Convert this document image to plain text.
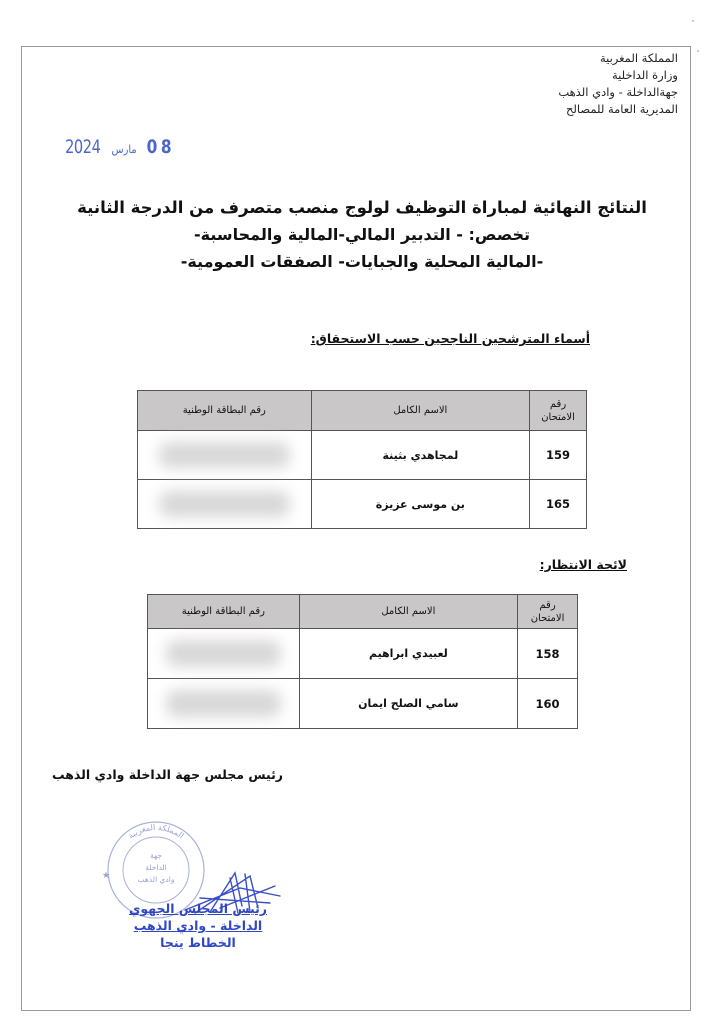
المملكة المغربية
وزارة الداخلية
جهةالداخلة - وادي الذهب
المديرية العامة للمصالح
2024 مارس 08
النتائج النهائية لمباراة التوظيف لولوج منصب متصرف من الدرجة الثانية
تخصص: - التدبير المالي-المالية والمحاسبة-
-المالية المحلية والجبايات- الصفقات العمومية-
أسماء المترشحين الناجحين حسب الاستحقاق:
رقم
الامتحان	الاسم الكامل	رقم البطاقة الوطنية
159	لمجاهدي بثينة	

165	بن موسى عزيزة	
لائحة الانتظار:
رقم
الامتحان	الاسم الكامل	رقم البطاقة الوطنية
158	لعبيدي ابراهيم	

160	سامي الصلح ايمان	
رئيس مجلس جهة الداخلة وادي الذهب
جهة
الداخلة
وادي الذهب
المملكة المغربية
★
رئيس المجلس الجهوي
الداخلة - وادي الذهب
الخطاط ينجا
